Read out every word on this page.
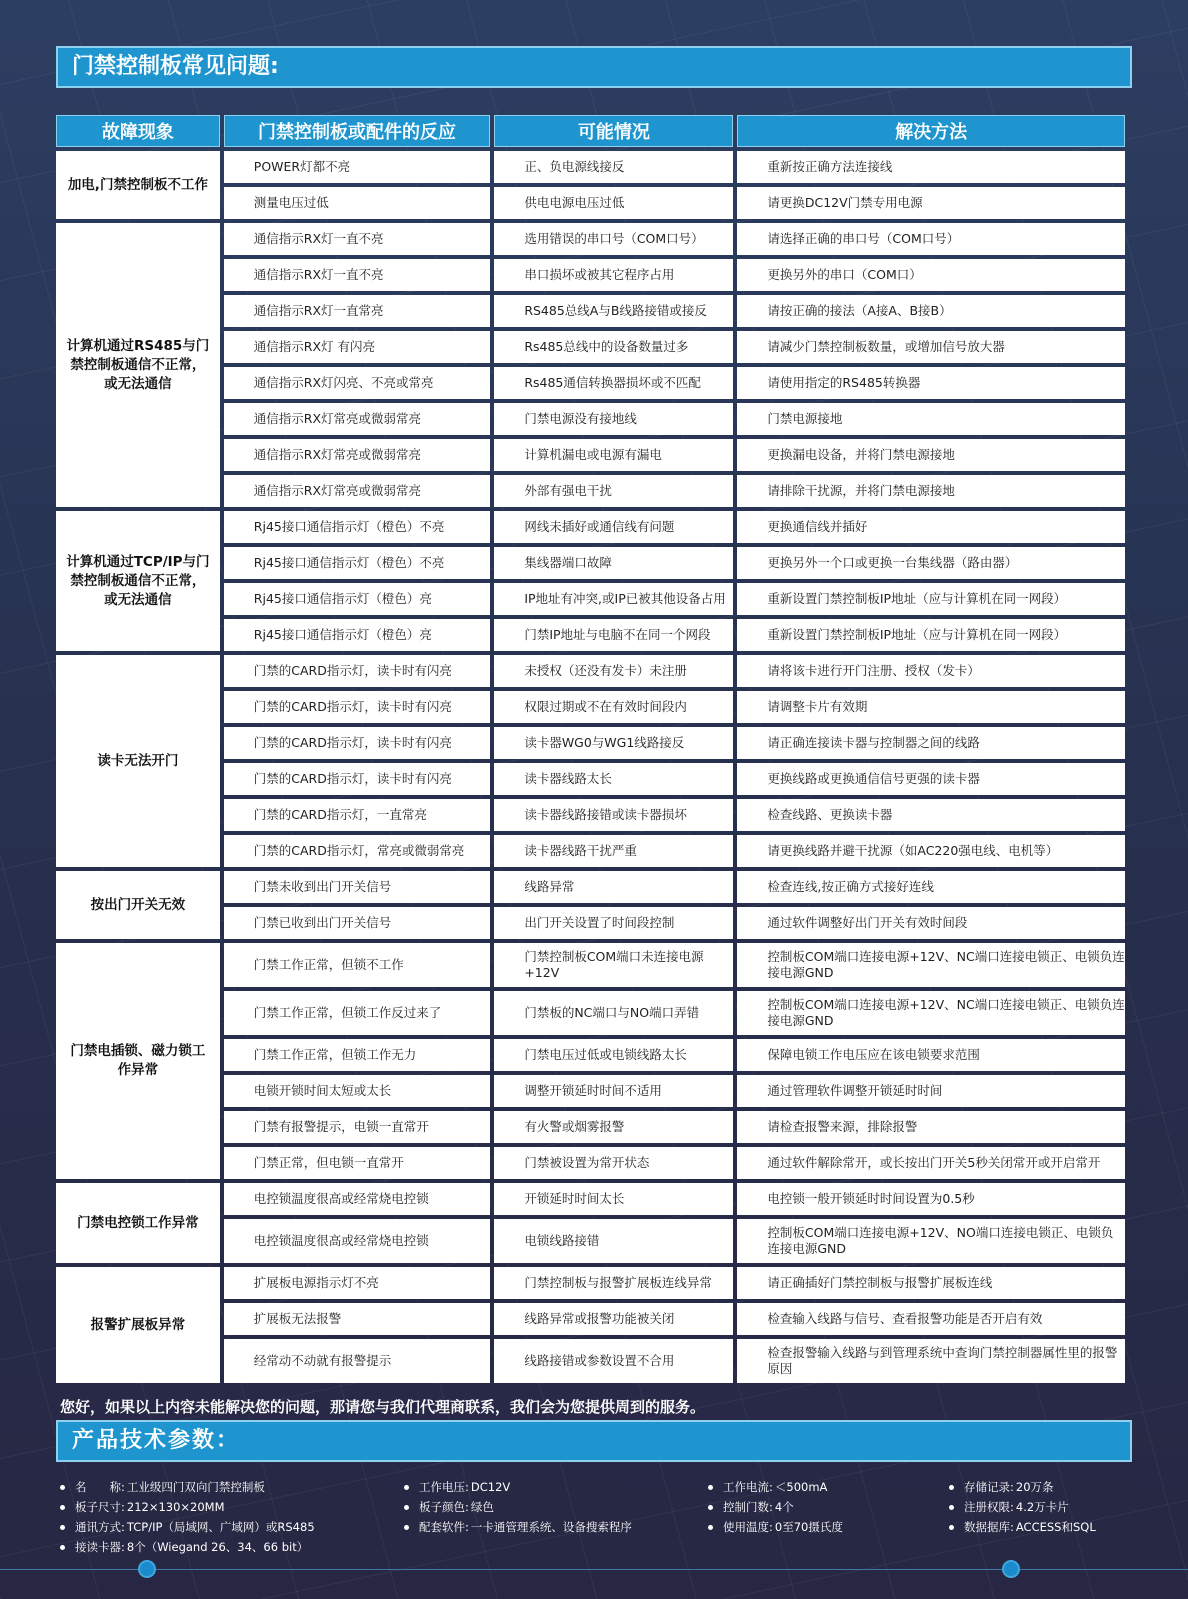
门禁控制板常见问题:
故障现象	门禁控制板或配件的反应	可能情况	解决方法
加电,门禁控制板不工作	POWER灯都不亮	正、负电源线接反	重新按正确方法连接线
	测量电压过低	供电电源电压过低	请更换DC12V门禁专用电源
计算机通过RS485与门禁控制板通信不正常，或无法通信	通信指示RX灯一直不亮	选用错误的串口号（COM口号）	请选择正确的串口号（COM口号）
	通信指示RX灯一直不亮	串口损坏或被其它程序占用	更换另外的串口（COM口）
	通信指示RX灯一直常亮	RS485总线A与B线路接错或接反	请按正确的接法（A接A、B接B）
	通信指示RX灯 有闪亮	Rs485总线中的设备数量过多	请减少门禁控制板数量，或增加信号放大器
	通信指示RX灯闪亮、不亮或常亮	Rs485通信转换器损坏或不匹配	请使用指定的RS485转换器
	通信指示RX灯常亮或微弱常亮	门禁电源没有接地线	门禁电源接地
	通信指示RX灯常亮或微弱常亮	计算机漏电或电源有漏电	更换漏电设备，并将门禁电源接地
	通信指示RX灯常亮或微弱常亮	外部有强电干扰	请排除干扰源，并将门禁电源接地
计算机通过TCP/IP与门禁控制板通信不正常，或无法通信	Rj45接口通信指示灯（橙色）不亮	网线未插好或通信线有问题	更换通信线并插好
	Rj45接口通信指示灯（橙色）不亮	集线器端口故障	更换另外一个口或更换一台集线器（路由器）
	Rj45接口通信指示灯（橙色）亮	IP地址有冲突,或IP已被其他设备占用	重新设置门禁控制板IP地址（应与计算机在同一网段）
	Rj45接口通信指示灯（橙色）亮	门禁IP地址与电脑不在同一个网段	重新设置门禁控制板IP地址（应与计算机在同一网段）
读卡无法开门	门禁的CARD指示灯，读卡时有闪亮	未授权（还没有发卡）未注册	请将该卡进行开门注册、授权（发卡）
	门禁的CARD指示灯，读卡时有闪亮	权限过期或不在有效时间段内	请调整卡片有效期
	门禁的CARD指示灯，读卡时有闪亮	读卡器WG0与WG1线路接反	请正确连接读卡器与控制器之间的线路
	门禁的CARD指示灯，读卡时有闪亮	读卡器线路太长	更换线路或更换通信信号更强的读卡器
	门禁的CARD指示灯，一直常亮	读卡器线路接错或读卡器损坏	检查线路、更换读卡器
	门禁的CARD指示灯，常亮或微弱常亮	读卡器线路干扰严重	请更换线路并避干扰源（如AC220强电线、电机等）
按出门开关无效	门禁未收到出门开关信号	线路异常	检查连线,按正确方式接好连线
	门禁已收到出门开关信号	出门开关设置了时间段控制	通过软件调整好出门开关有效时间段
门禁电插锁、磁力锁工作异常	门禁工作正常，但锁不工作	门禁控制板COM端口未连接电源+12V	控制板COM端口连接电源+12V、NC端口连接电锁正、电锁负连接电源GND
	门禁工作正常，但锁工作反过来了	门禁板的NC端口与NO端口弄错	控制板COM端口连接电源+12V、NC端口连接电锁正、电锁负连接电源GND
	门禁工作正常，但锁工作无力	门禁电压过低或电锁线路太长	保障电锁工作电压应在该电锁要求范围
	电锁开锁时间太短或太长	调整开锁延时时间不适用	通过管理软件调整开锁延时时间
	门禁有报警提示，电锁一直常开	有火警或烟雾报警	请检查报警来源，排除报警
	门禁正常，但电锁一直常开	门禁被设置为常开状态	通过软件解除常开，或长按出门开关5秒关闭常开或开启常开
门禁电控锁工作异常	电控锁温度很高或经常烧电控锁	开锁延时时间太长	电控锁一般开锁延时时间设置为0.5秒
	电控锁温度很高或经常烧电控锁	电锁线路接错	控制板COM端口连接电源+12V、NO端口连接电锁正、电锁负连接电源GND
报警扩展板异常	扩展板电源指示灯不亮	门禁控制板与报警扩展板连线异常	请正确插好门禁控制板与报警扩展板连线
	扩展板无法报警	线路异常或报警功能被关闭	检查输入线路与信号、查看报警功能是否开启有效
	经常动不动就有报警提示	线路接错或参数设置不合用	检查报警输入线路与到管理系统中查询门禁控制器属性里的报警原因
您好，如果以上内容未能解决您的问题，那请您与我们代理商联系，我们会为您提供周到的服务。
产品技术参数：
名　　称: 工业级四门双向门禁控制板
板子尺寸: 212×130×20MM
通讯方式: TCP/IP（局域网、广域网）或RS485
接读卡器: 8个（Wiegand 26、34、66 bit）
工作电压: DC12V
板子颜色: 绿色
配套软件: 一卡通管理系统、设备搜索程序
工作电流: ＜500mA
控制门数: 4个
使用温度: 0至70摄氏度
存储记录: 20万条
注册权限: 4.2万卡片
数据据库: ACCESS和SQL
